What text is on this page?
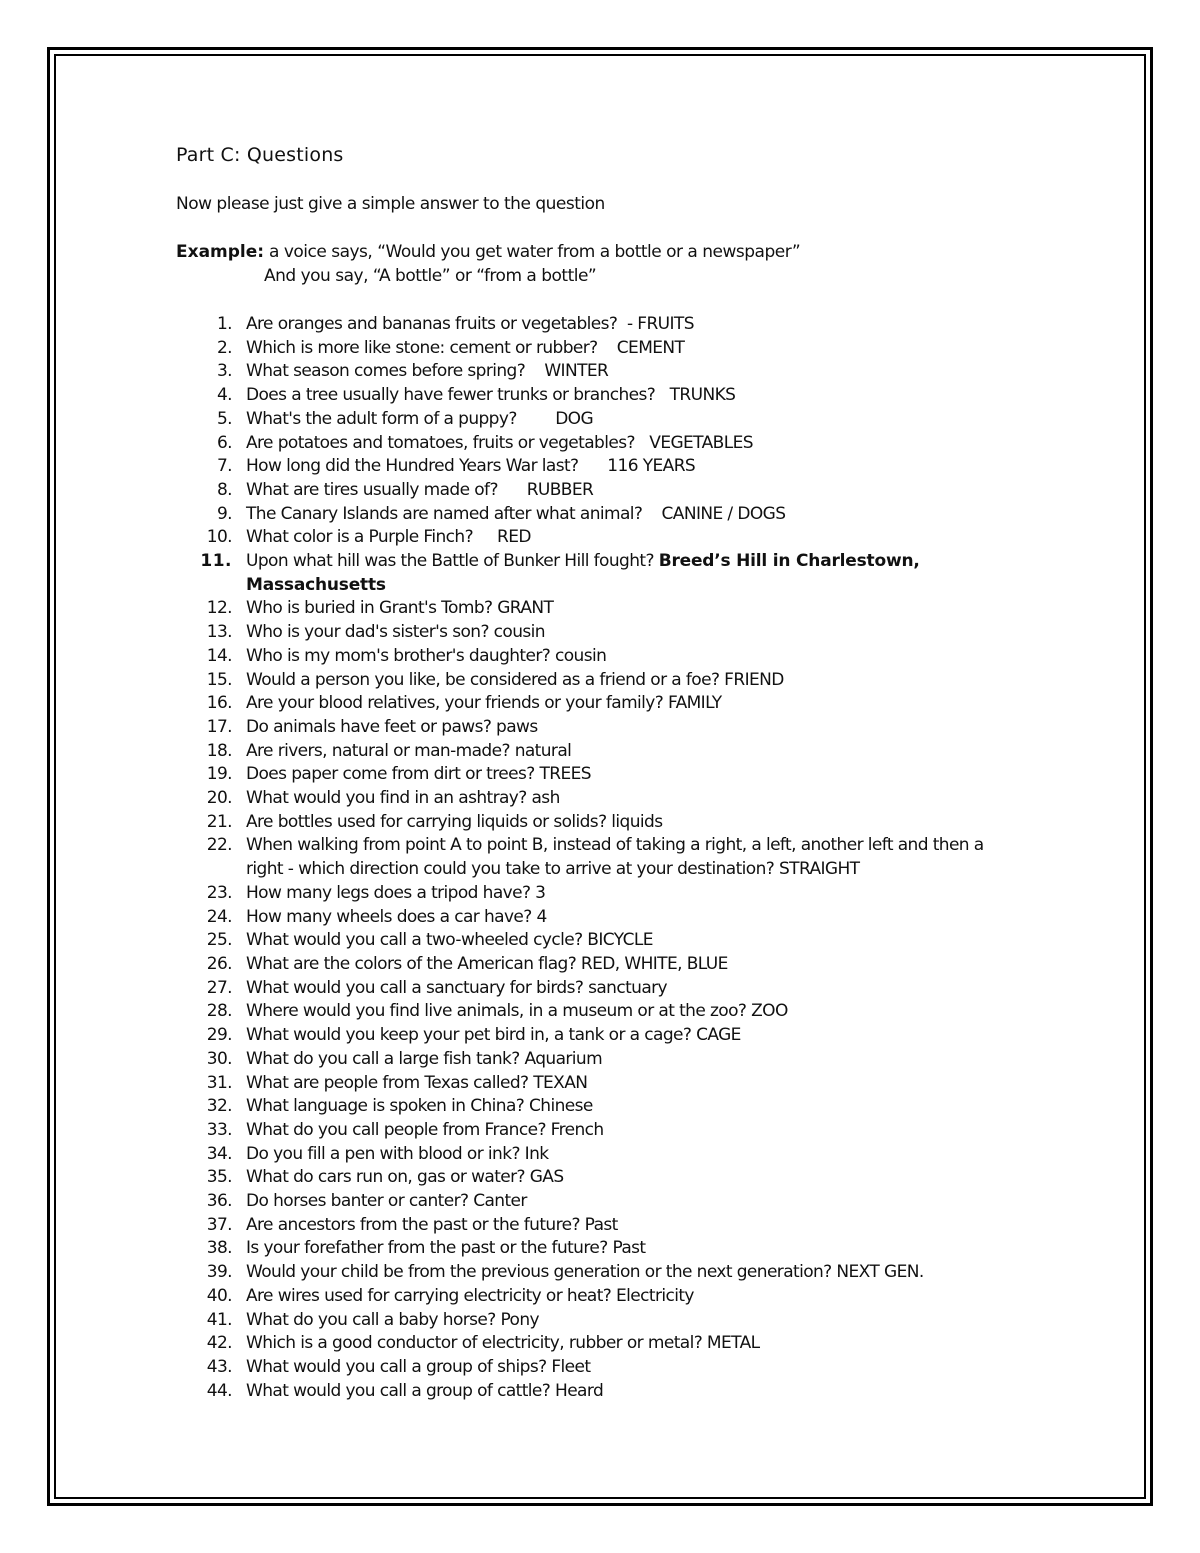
Part C: Questions
Now please just give a simple answer to the question
Example: a voice says, “Would you get water from a bottle or a newspaper”
And you say, “A bottle” or “from a bottle”
1. Are oranges and bananas fruits or vegetables?  - FRUITS
2. Which is more like stone: cement or rubber?    CEMENT
3. What season comes before spring?    WINTER
4. Does a tree usually have fewer trunks or branches?   TRUNKS
5. What's the adult form of a puppy?        DOG
6. Are potatoes and tomatoes, fruits or vegetables?   VEGETABLES
7. How long did the Hundred Years War last?      116 YEARS
8. What are tires usually made of?      RUBBER
9. The Canary Islands are named after what animal?    CANINE / DOGS
10. What color is a Purple Finch?     RED
11. Upon what hill was the Battle of Bunker Hill fought? Breed’s Hill in Charlestown, Massachusetts
12. Who is buried in Grant's Tomb? GRANT
13. Who is your dad's sister's son? cousin
14. Who is my mom's brother's daughter? cousin
15. Would a person you like, be considered as a friend or a foe? FRIEND
16. Are your blood relatives, your friends or your family? FAMILY
17. Do animals have feet or paws? paws
18. Are rivers, natural or man-made? natural
19. Does paper come from dirt or trees? TREES
20. What would you find in an ashtray? ash
21. Are bottles used for carrying liquids or solids? liquids
22. When walking from point A to point B, instead of taking a right, a left, another left and then a right - which direction could you take to arrive at your destination? STRAIGHT
23. How many legs does a tripod have? 3
24. How many wheels does a car have? 4
25. What would you call a two-wheeled cycle? BICYCLE
26. What are the colors of the American flag? RED, WHITE, BLUE
27. What would you call a sanctuary for birds? sanctuary
28. Where would you find live animals, in a museum or at the zoo? ZOO
29. What would you keep your pet bird in, a tank or a cage? CAGE
30. What do you call a large fish tank? Aquarium
31. What are people from Texas called? TEXAN
32. What language is spoken in China? Chinese
33. What do you call people from France? French
34. Do you fill a pen with blood or ink? Ink
35. What do cars run on, gas or water? GAS
36. Do horses banter or canter? Canter
37. Are ancestors from the past or the future? Past
38. Is your forefather from the past or the future? Past
39. Would your child be from the previous generation or the next generation? NEXT GEN.
40. Are wires used for carrying electricity or heat? Electricity
41. What do you call a baby horse? Pony
42. Which is a good conductor of electricity, rubber or metal? METAL
43. What would you call a group of ships? Fleet
44. What would you call a group of cattle? Heard
